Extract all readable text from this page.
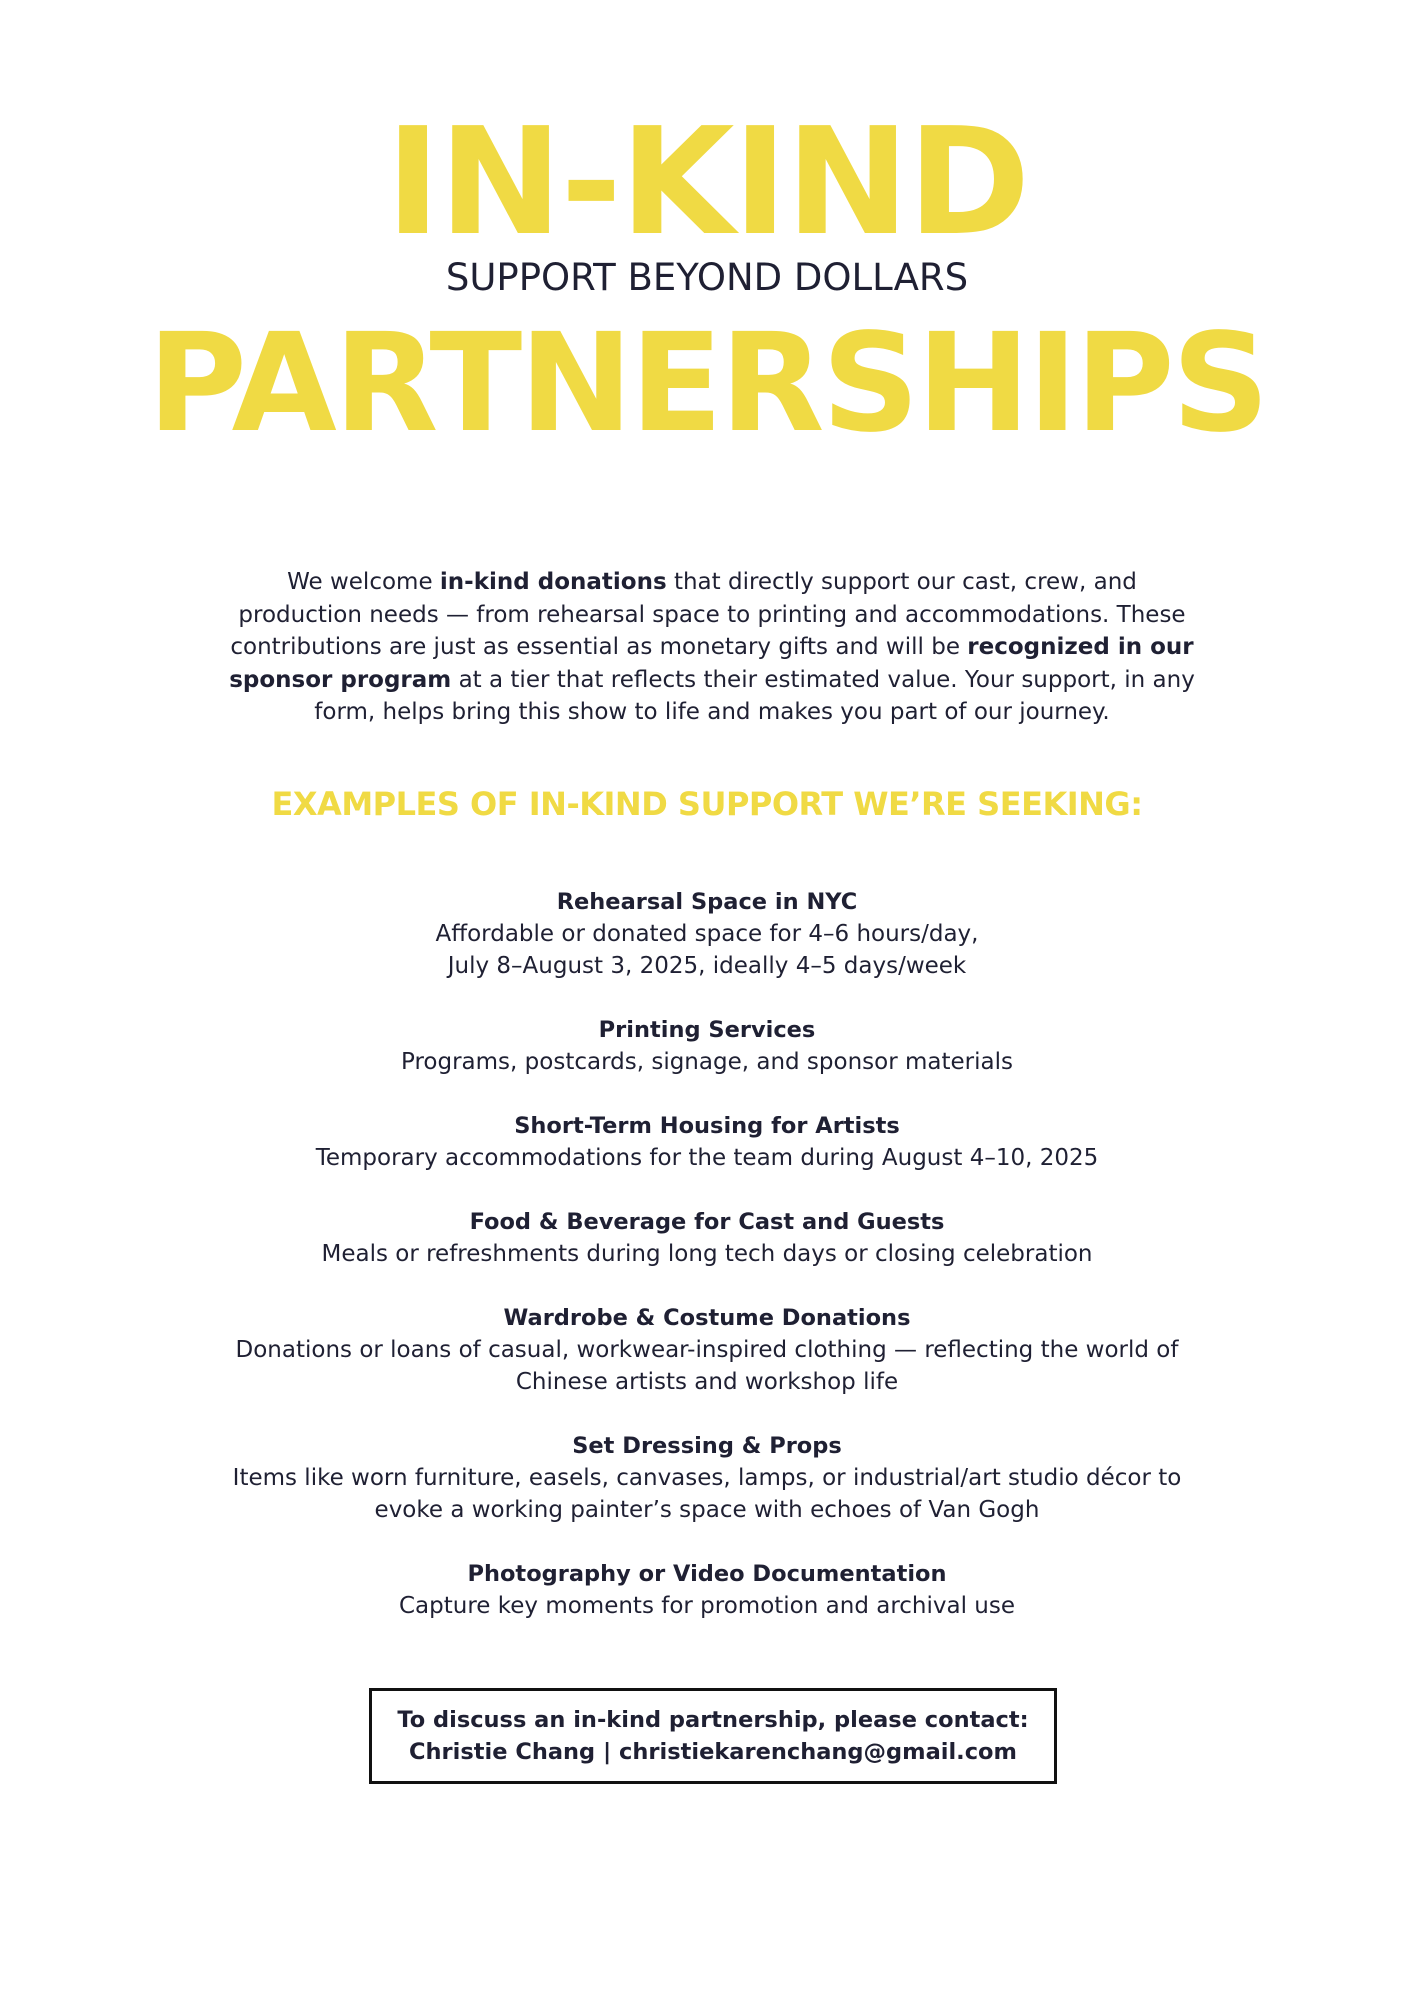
IN-KIND
SUPPORT BEYOND DOLLARS
PARTNERSHIPS
We welcome in-kind donations that directly support our cast, crew, and production needs — from rehearsal space to printing and accommodations. These contributions are just as essential as monetary gifts and will be recognized in our sponsor program at a tier that reflects their estimated value. Your support, in any form, helps bring this show to life and makes you part of our journey.
EXAMPLES OF IN-KIND SUPPORT WE’RE SEEKING:
Rehearsal Space in NYC
Affordable or donated space for 4–6 hours/day,
July 8–August 3, 2025, ideally 4–5 days/week
Printing Services
Programs, postcards, signage, and sponsor materials
Short-Term Housing for Artists
Temporary accommodations for the team during August 4–10, 2025
Food & Beverage for Cast and Guests
Meals or refreshments during long tech days or closing celebration
Wardrobe & Costume Donations
Donations or loans of casual, workwear-inspired clothing — reflecting the world of
Chinese artists and workshop life
Set Dressing & Props
Items like worn furniture, easels, canvases, lamps, or industrial/art studio décor to
evoke a working painter’s space with echoes of Van Gogh
Photography or Video Documentation
Capture key moments for promotion and archival use
To discuss an in-kind partnership, please contact:
Christie Chang | christiekarenchang@gmail.com
